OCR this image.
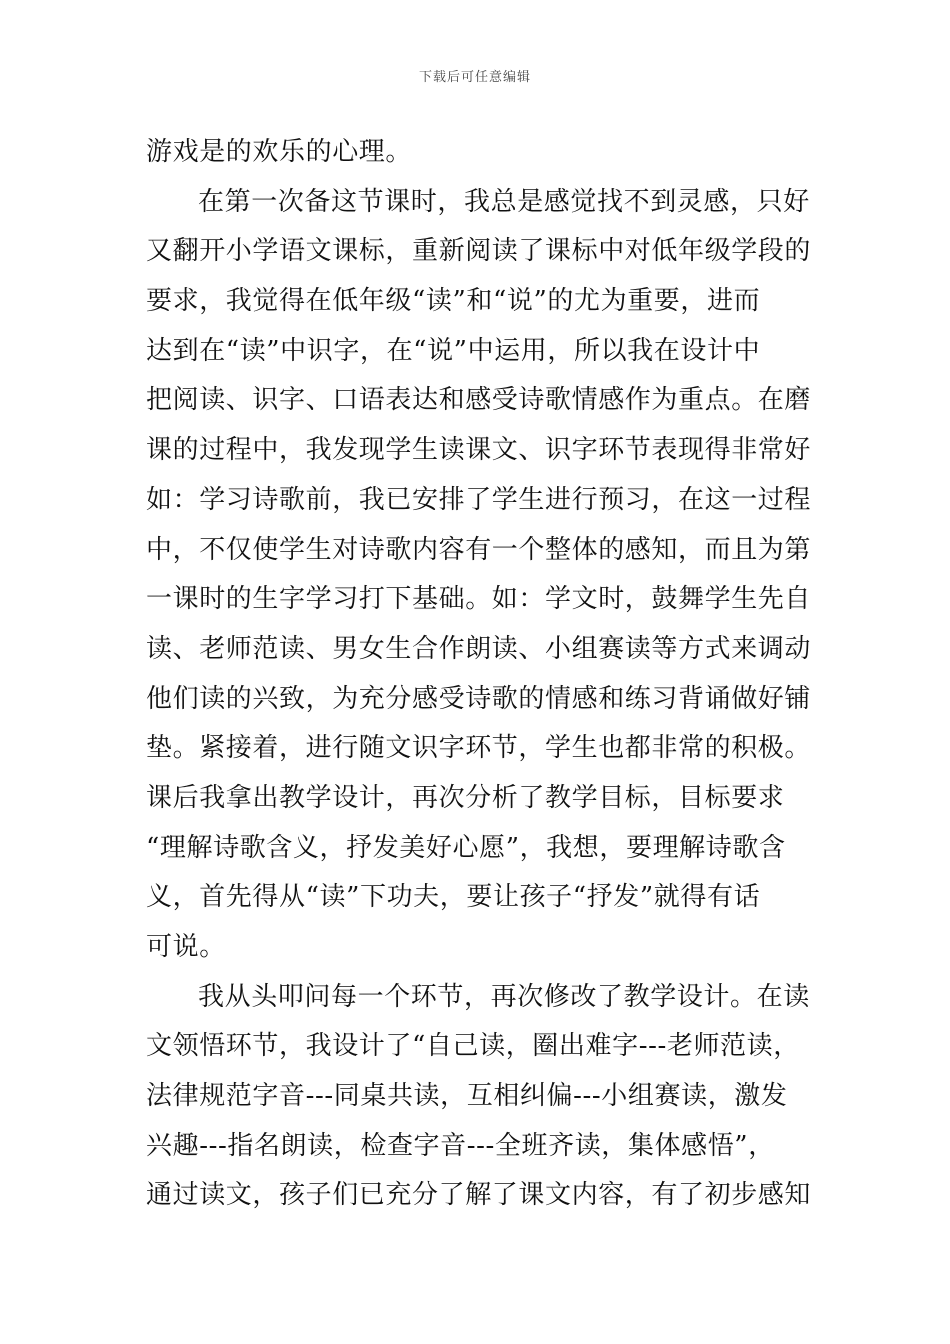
下载后可任意编辑
游戏是的欢乐的心理。
在第一次备这节课时，我总是感觉找不到灵感，只好
又翻开小学语文课标，重新阅读了课标中对低年级学段的
要求，我觉得在低年级“读”和“说”的尤为重要，进而
达到在“读”中识字，在“说”中运用，所以我在设计中
把阅读、识字、口语表达和感受诗歌情感作为重点。在磨
课的过程中，我发现学生读课文、识字环节表现得非常好
如：学习诗歌前，我已安排了学生进行预习，在这一过程
中，不仅使学生对诗歌内容有一个整体的感知，而且为第
一课时的生字学习打下基础。如：学文时，鼓舞学生先自
读、老师范读、男女生合作朗读、小组赛读等方式来调动
他们读的兴致，为充分感受诗歌的情感和练习背诵做好铺
垫。紧接着，进行随文识字环节，学生也都非常的积极。
课后我拿出教学设计，再次分析了教学目标，目标要求
“理解诗歌含义，抒发美好心愿”，我想，要理解诗歌含
义，首先得从“读”下功夫，要让孩子“抒发”就得有话
可说。
我从头叩问每一个环节，再次修改了教学设计。在读
文领悟环节，我设计了“自己读，圈出难字---老师范读，
法律规范字音---同桌共读，互相纠偏---小组赛读，激发
兴趣---指名朗读，检查字音---全班齐读，集体感悟”，
通过读文，孩子们已充分了解了课文内容，有了初步感知
